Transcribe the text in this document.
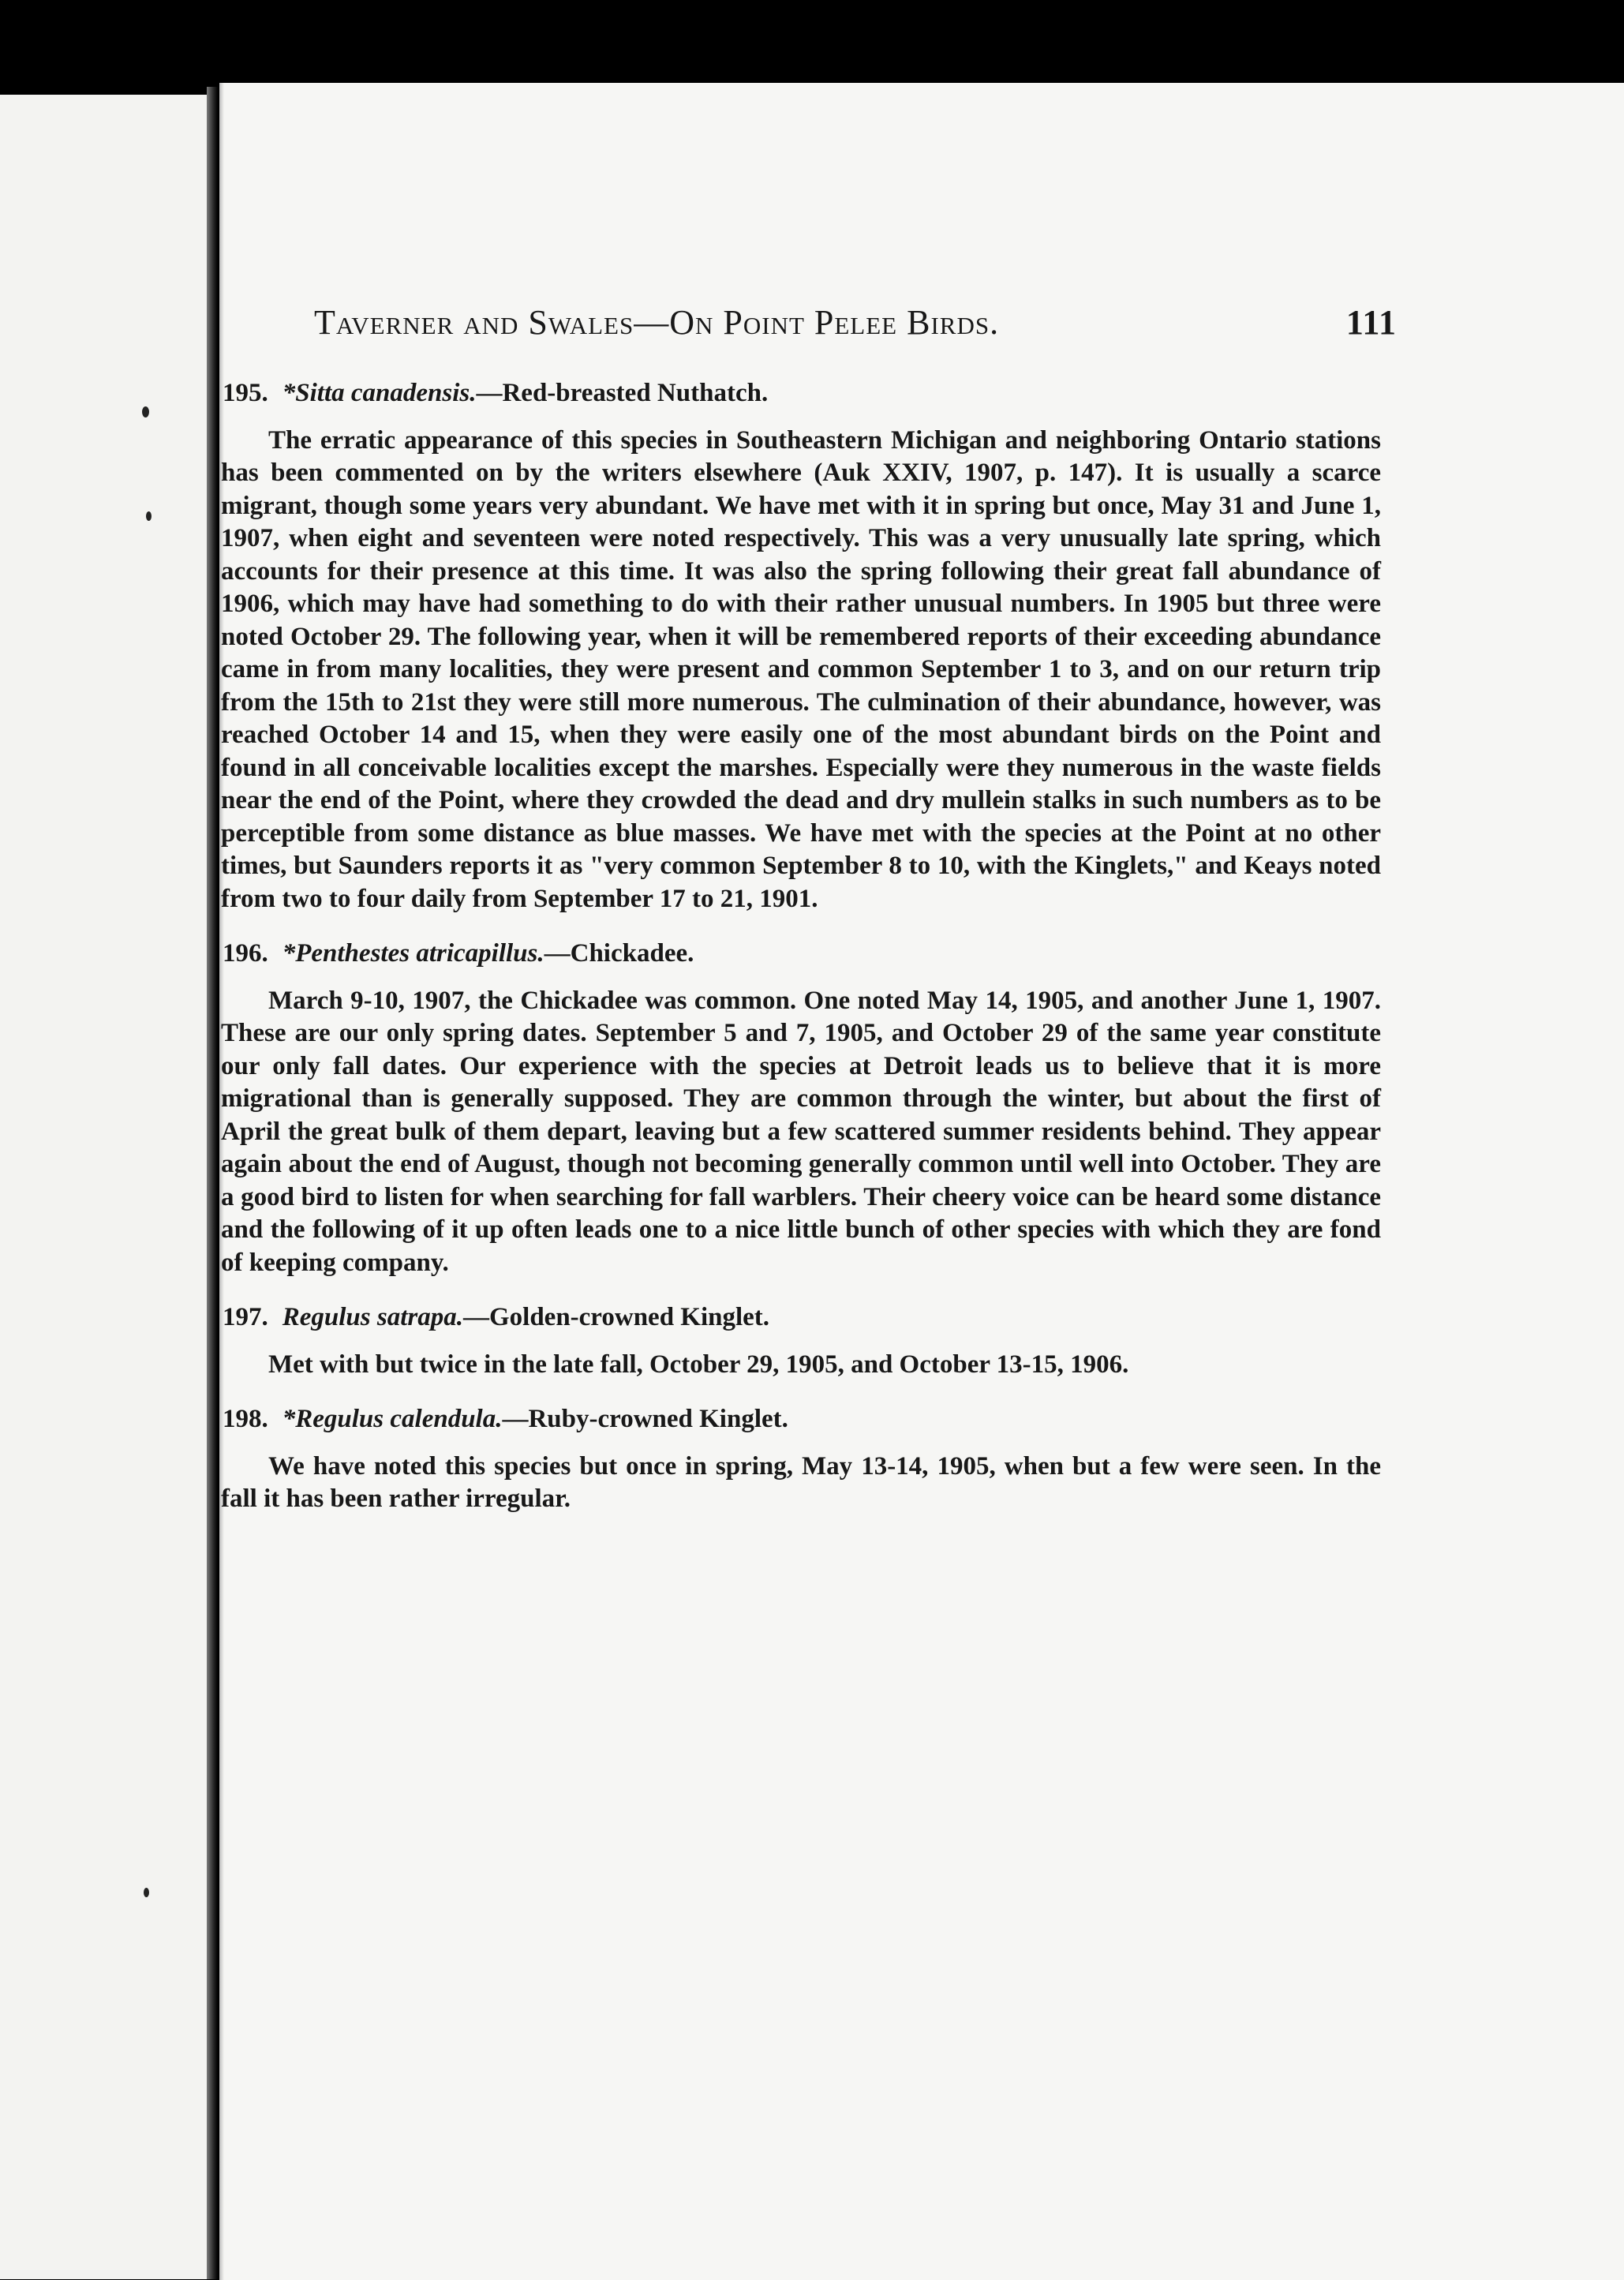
Taverner and Swales—On Point Pelee Birds.	111

195. *Sitta canadensis.—Red-breasted Nuthatch.

The erratic appearance of this species in Southeastern Michigan and neighboring Ontario stations has been commented on by the writers elsewhere (Auk XXIV, 1907, p. 147). It is usually a scarce migrant, though some years very abundant. We have met with it in spring but once, May 31 and June 1, 1907, when eight and seventeen were noted respectively. This was a very unusually late spring, which accounts for their presence at this time. It was also the spring following their great fall abundance of 1906, which may have had something to do with their rather unusual numbers. In 1905 but three were noted October 29. The following year, when it will be remembered reports of their exceeding abundance came in from many localities, they were present and common September 1 to 3, and on our return trip from the 15th to 21st they were still more numerous. The culmination of their abundance, however, was reached October 14 and 15, when they were easily one of the most abundant birds on the Point and found in all conceivable localities except the marshes. Especially were they numerous in the waste fields near the end of the Point, where they crowded the dead and dry mullein stalks in such numbers as to be perceptible from some distance as blue masses. We have met with the species at the Point at no other times, but Saunders reports it as "very common September 8 to 10, with the Kinglets," and Keays noted from two to four daily from September 17 to 21, 1901.

196. *Penthestes atricapillus.—Chickadee.

March 9-10, 1907, the Chickadee was common. One noted May 14, 1905, and another June 1, 1907. These are our only spring dates. September 5 and 7, 1905, and October 29 of the same year constitute our only fall dates. Our experience with the species at Detroit leads us to believe that it is more migrational than is generally supposed. They are common through the winter, but about the first of April the great bulk of them depart, leaving but a few scattered summer residents behind. They appear again about the end of August, though not becoming generally common until well into October. They are a good bird to listen for when searching for fall warblers. Their cheery voice can be heard some distance and the following of it up often leads one to a nice little bunch of other species with which they are fond of keeping company.

197. Regulus satrapa.—Golden-crowned Kinglet.

Met with but twice in the late fall, October 29, 1905, and October 13-15, 1906.

198. *Regulus calendula.—Ruby-crowned Kinglet.

We have noted this species but once in spring, May 13-14, 1905, when but a few were seen. In the fall it has been rather irregular.
